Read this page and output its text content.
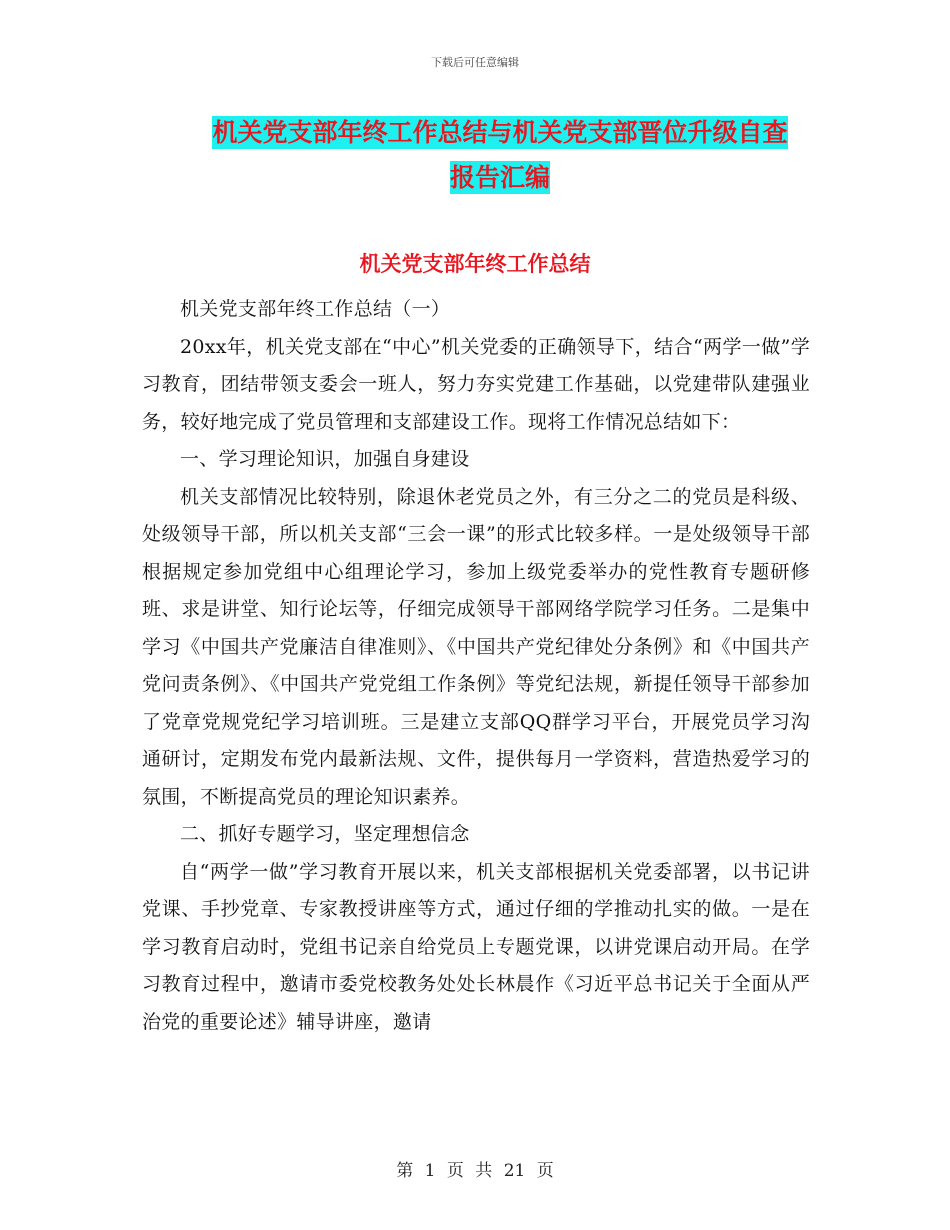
下载后可任意编辑
机关党支部年终工作总结与机关党支部晋位升级自查
报告汇编
机关党支部年终工作总结

机关党支部年终工作总结（一）

20xx年，机关党支部在“中心”机关党委的正确领导下，结合“两学一做”学习教育，团结带领支委会一班人，努力夯实党建工作基础，以党建带队建强业务，较好地完成了党员管理和支部建设工作。现将工作情况总结如下：

一、学习理论知识，加强自身建设

机关支部情况比较特别，除退休老党员之外，有三分之二的党员是科级、处级领导干部，所以机关支部“三会一课”的形式比较多样。一是处级领导干部根据规定参加党组中心组理论学习，参加上级党委举办的党性教育专题研修班、求是讲堂、知行论坛等，仔细完成领导干部网络学院学习任务。二是集中学习《中国共产党廉洁自律准则》、《中国共产党纪律处分条例》和《中国共产党问责条例》、《中国共产党党组工作条例》等党纪法规，新提任领导干部参加了党章党规党纪学习培训班。三是建立支部QQ群学习平台，开展党员学习沟通研讨，定期发布党内最新法规、文件，提供每月一学资料，营造热爱学习的氛围，不断提高党员的理论知识素养。

二、抓好专题学习，坚定理想信念

自“两学一做”学习教育开展以来，机关支部根据机关党委部署，以书记讲党课、手抄党章、专家教授讲座等方式，通过仔细的学推动扎实的做。一是在学习教育启动时，党组书记亲自给党员上专题党课，以讲党课启动开局。在学习教育过程中，邀请市委党校教务处处长林晨作《习近平总书记关于全面从严治党的重要论述》辅导讲座，邀请

第 1 页 共 21 页
